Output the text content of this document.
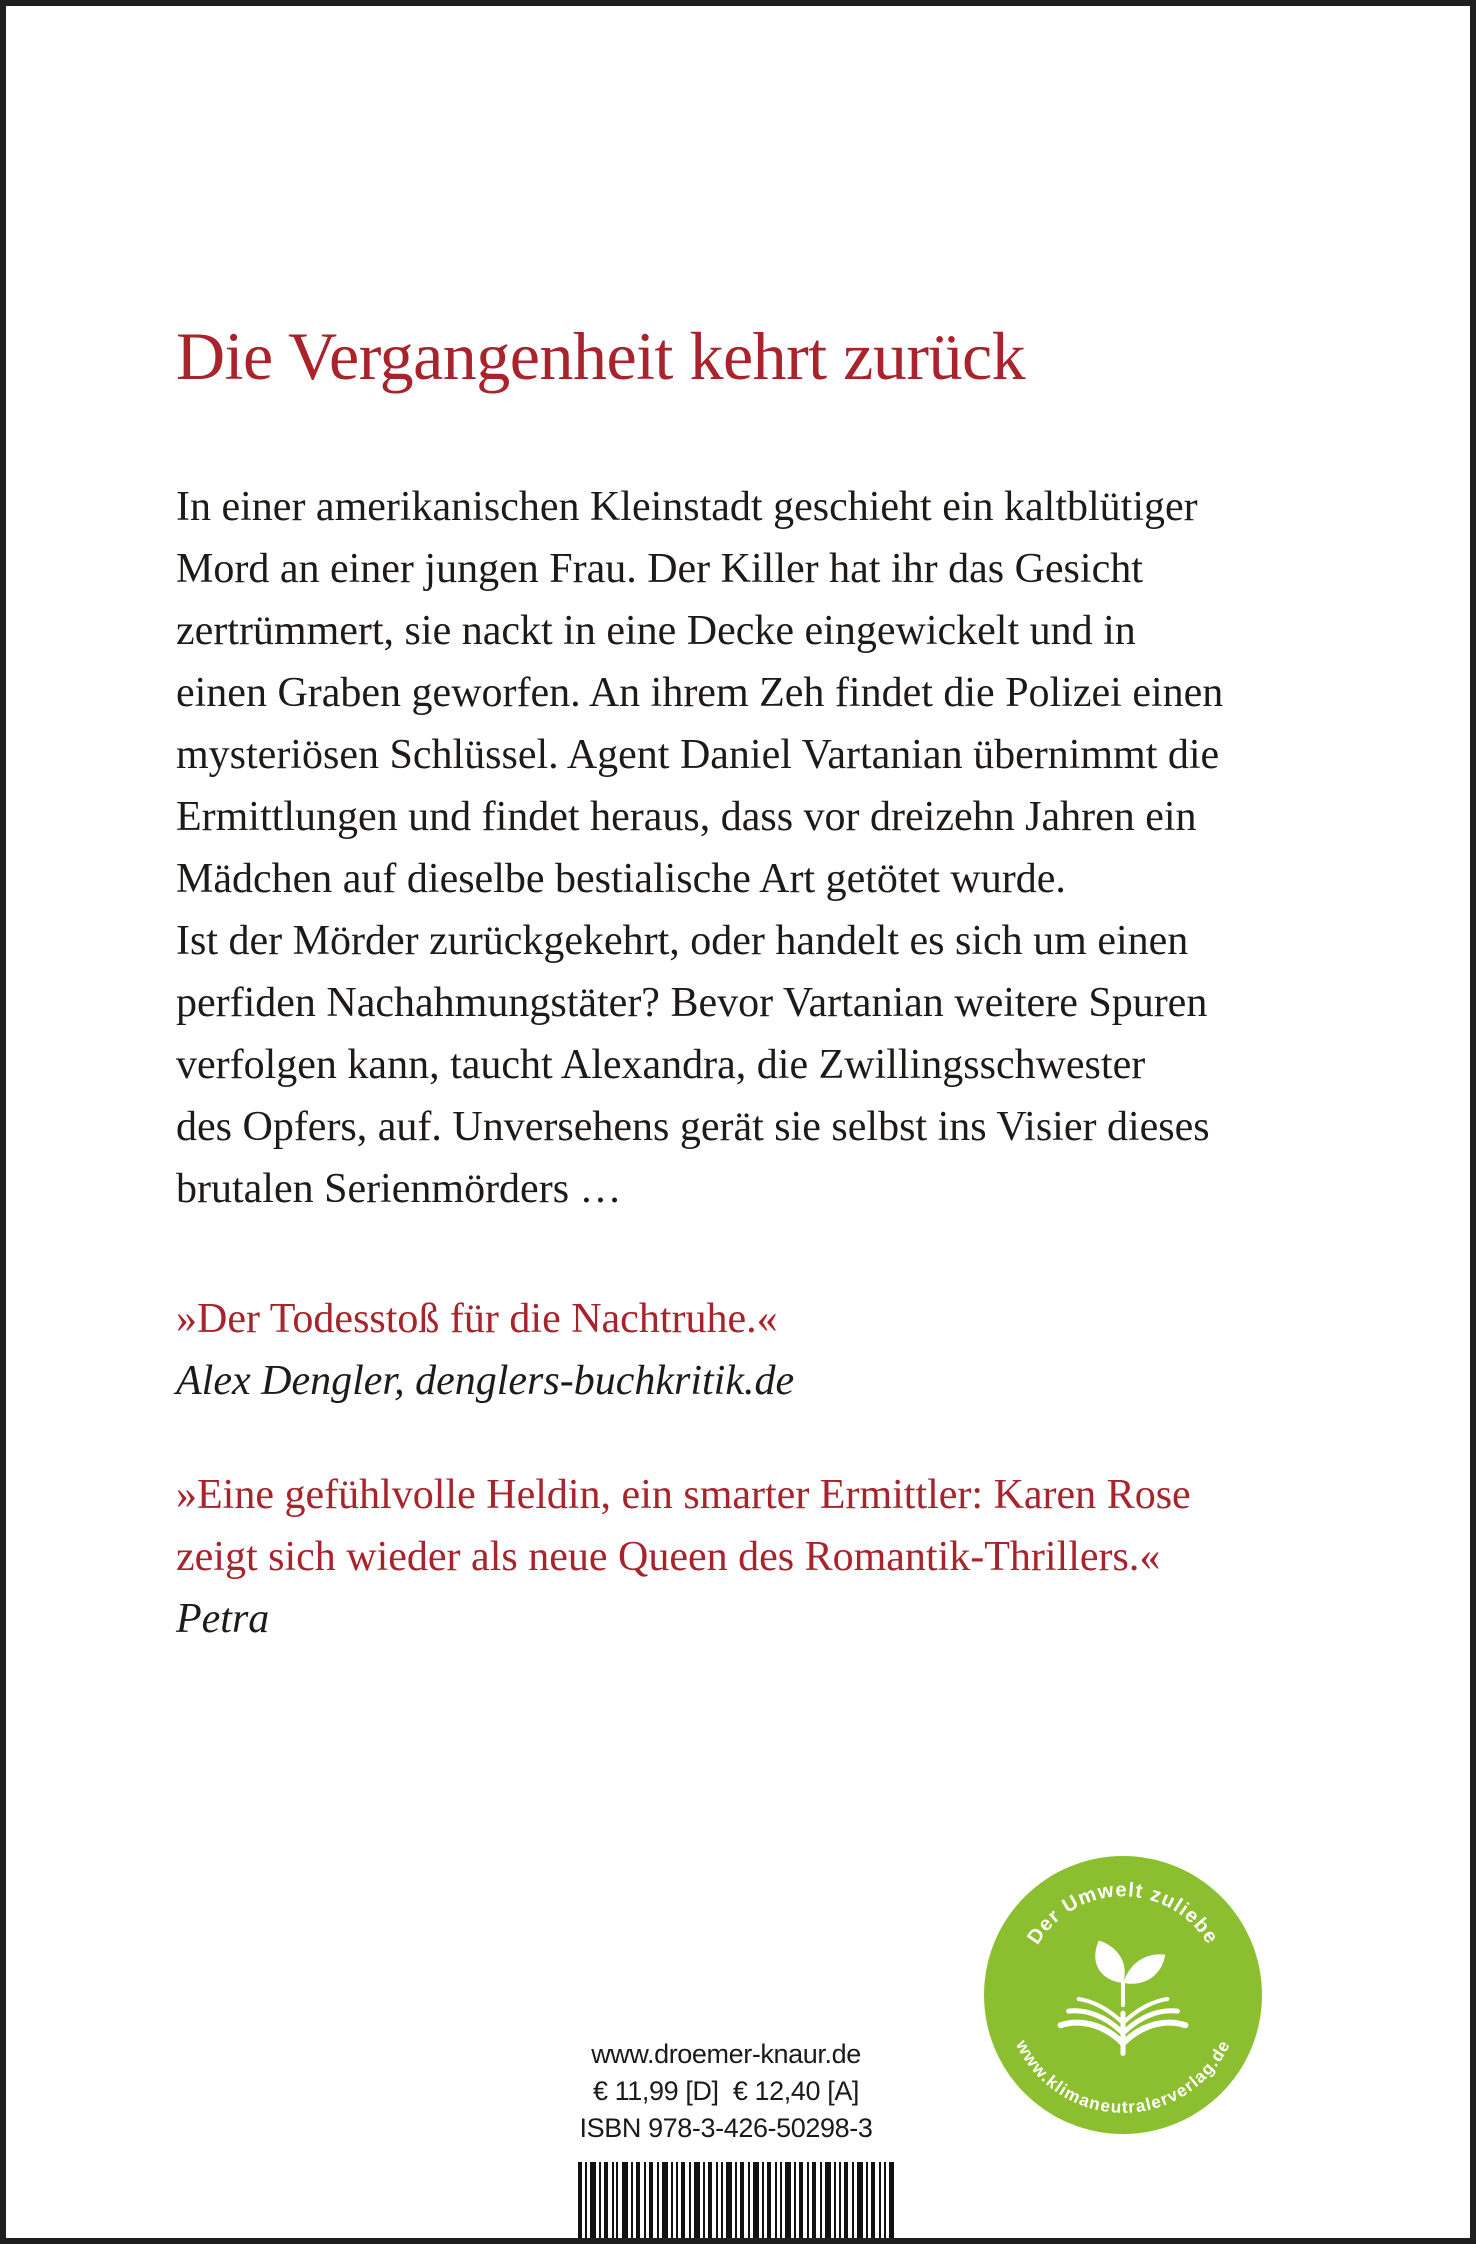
Die Vergangenheit kehrt zurück
In einer amerikanischen Kleinstadt geschieht ein kaltblütiger
Mord an einer jungen Frau. Der Killer hat ihr das Gesicht
zertrümmert, sie nackt in eine Decke eingewickelt und in
einen Graben geworfen. An ihrem Zeh findet die Polizei einen
mysteriösen Schlüssel. Agent Daniel Vartanian übernimmt die
Ermittlungen und findet heraus, dass vor dreizehn Jahren ein
Mädchen auf dieselbe bestialische Art getötet wurde.
Ist der Mörder zurückgekehrt, oder handelt es sich um einen
perfiden Nachahmungstäter? Bevor Vartanian weitere Spuren
verfolgen kann, taucht Alexandra, die Zwillingsschwester
des Opfers, auf. Unversehens gerät sie selbst ins Visier dieses
brutalen Serienmörders …
»Der Todesstoß für die Nachtruhe.«
Alex Dengler, denglers-buchkritik.de
»Eine gefühlvolle Heldin, ein smarter Ermittler: Karen Rose
zeigt sich wieder als neue Queen des Romantik-Thrillers.«
Petra
www.droemer-knaur.de
€ 11,99 [D]  € 12,40 [A]
ISBN 978-3-426-50298-3
Der Umwelt zuliebe
www.klimaneutralerverlag.de
